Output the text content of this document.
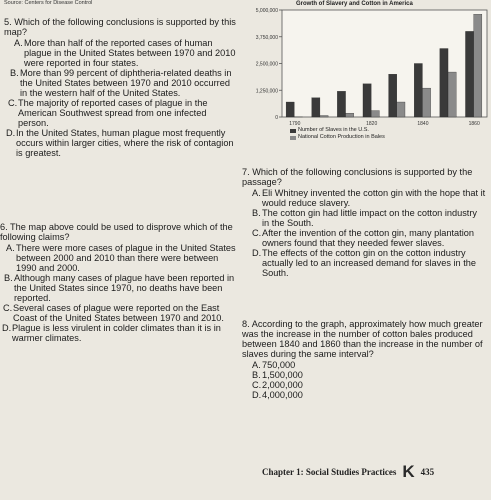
Source: Centers for Disease Control
5. Which of the following conclusions is supported by this map?
A.More than half of the reported cases of human plague in the United States between 1970 and 2010 were reported in four states.
B.More than 99 percent of diphtheria-related deaths in the United States between 1970 and 2010 occurred in the western half of the United States.
C.The majority of reported cases of plague in the American Southwest spread from one infected person.
D.In the United States, human plague most frequently occurs within larger cities, where the risk of contagion is greatest.
6. The map above could be used to disprove which of the following claims?
A.There were more cases of plague in the United States between 2000 and 2010 than there were between 1990 and 2000.
B.Although many cases of plague have been reported in the United States since 1970, no deaths have been reported.
C.Several cases of plague were reported on the East Coast of the United States between 1970 and 2010.
D.Plague is less virulent in colder climates than it is in warmer climates.
Growth of Slavery and Cotton in America
0
1,250,000
2,500,000
3,750,000
5,000,000
1790	1820	1840	1860
Number of Slaves in the U.S.
National Cotton Production in Bales
7. Which of the following conclusions is supported by the passage?
A.Eli Whitney invented the cotton gin with the hope that it would reduce slavery.
B.The cotton gin had little impact on the cotton industry in the South.
C.After the invention of the cotton gin, many plantation owners found that they needed fewer slaves.
D.The effects of the cotton gin on the cotton industry actually led to an increased demand for slaves in the South.
8. According to the graph, approximately how much greater was the increase in the number of cotton bales produced between 1840 and 1860 than the increase in the number of slaves during the same interval?
A.750,000
B.1,500,000
C.2,000,000
D.4,000,000
Chapter 1: Social Studies Practices K 435
